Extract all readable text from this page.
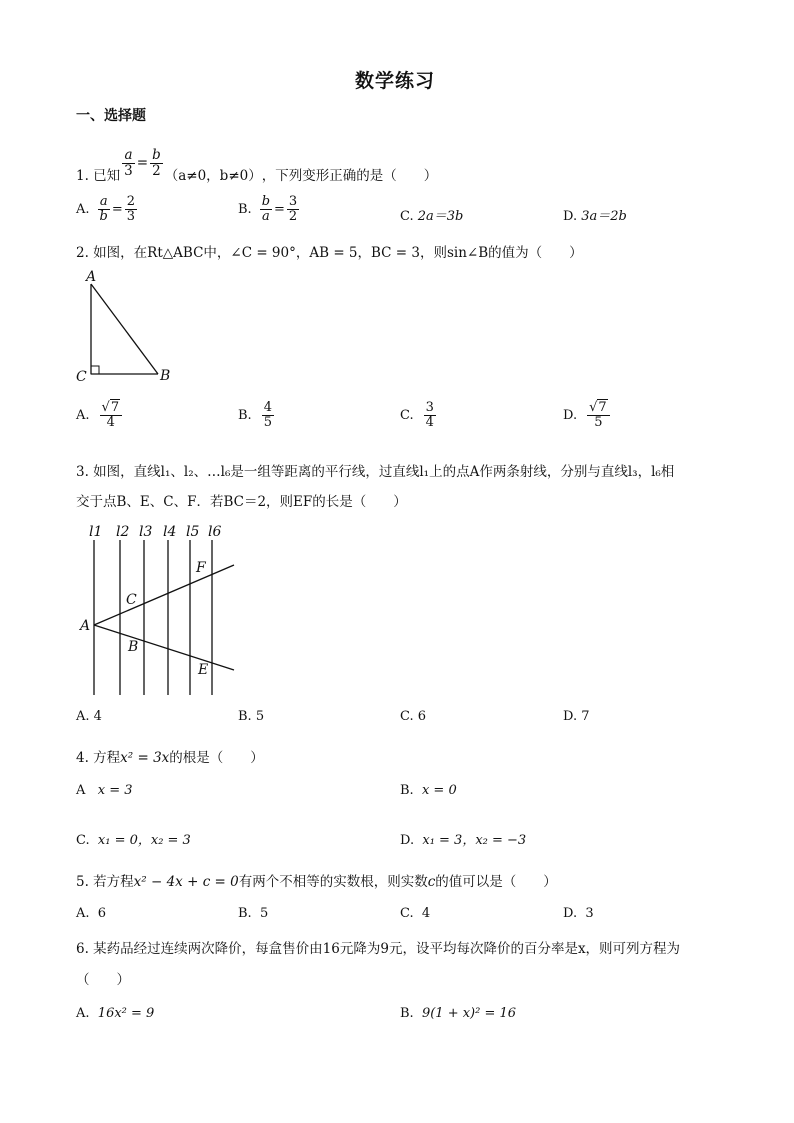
数学练习
一、选择题
1. 已知 $\frac{a}{3} = \frac{b}{2} (a\ne 0$，b≠0） ，下列变形正确的是（　　）
A. $\frac{a}{b} = \frac{2}{3}$	B. $\frac{b}{a} = \frac{3}{2}$	C. 2a＝3b	D. 3a＝2b
2. 如图，在Rt△ABC中，∠C = 90°，AB = 5，BC = 3，则sin∠B的值为（　　）
A
C	B
A. $\frac{√7}{4}$	B. $\frac{4}{5}$	C. $\frac{3}{4}$	D. $\frac{√7}{5}$
3. 如图，直线l₁、l₂、…l₆是一组等距离的平行线，过直线l₁上的点A作两条射线，分别与直线l₃，l₆相
交于点B、E、C、F．若BC＝2，则EF的长是（　　）
l1 l2 l3 l4 l5 l6
A
C
B
F
E
A. 4	B. 5	C. 6	D. 7
4. 方程x² = 3x的根是（　　）
A x = 3	B. x = 0
C. x₁ = 0，x₂ = 3	D. x₁ = 3，x₂ = −3
5. 若方程x² − 4x + c = 0有两个不相等的实数根，则实数c的值可以是（　　）
A. 6	B. 5	C. 4	D. 3
6. 某药品经过连续两次降价，每盒售价由16元降为9元，设平均每次降价的百分率是x，则可列方程为
（　　）
A. 16x² = 9	B. 9(1 + x)² = 16
